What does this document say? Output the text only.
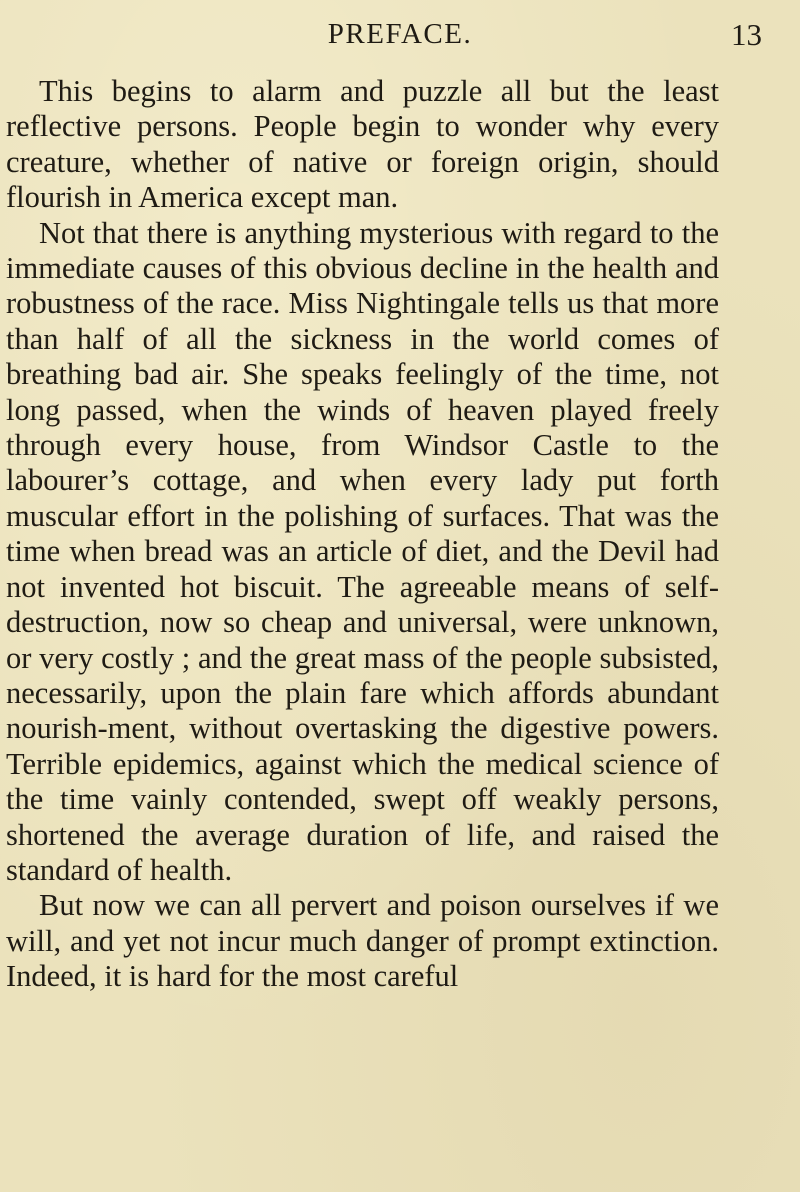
PREFACE.	13

This begins to alarm and puzzle all but the least reflective persons. People begin to wonder why every creature, whether of native or foreign origin, should flourish in America except man.

Not that there is anything mysterious with regard to the immediate causes of this obvious decline in the health and robustness of the race. Miss Nightingale tells us that more than half of all the sickness in the world comes of breathing bad air. She speaks feelingly of the time, not long passed, when the winds of heaven played freely through every house, from Windsor Castle to the labourer’s cottage, and when every lady put forth muscular effort in the polishing of surfaces. That was the time when bread was an article of diet, and the Devil had not invented hot biscuit. The agreeable means of self-destruction, now so cheap and universal, were unknown, or very costly ; and the great mass of the people subsisted, necessarily, upon the plain fare which affords abundant nourish-ment, without overtasking the digestive powers. Terrible epidemics, against which the medical science of the time vainly contended, swept off weakly persons, shortened the average duration of life, and raised the standard of health.

But now we can all pervert and poison ourselves if we will, and yet not incur much danger of prompt extinction. Indeed, it is hard for the most careful
